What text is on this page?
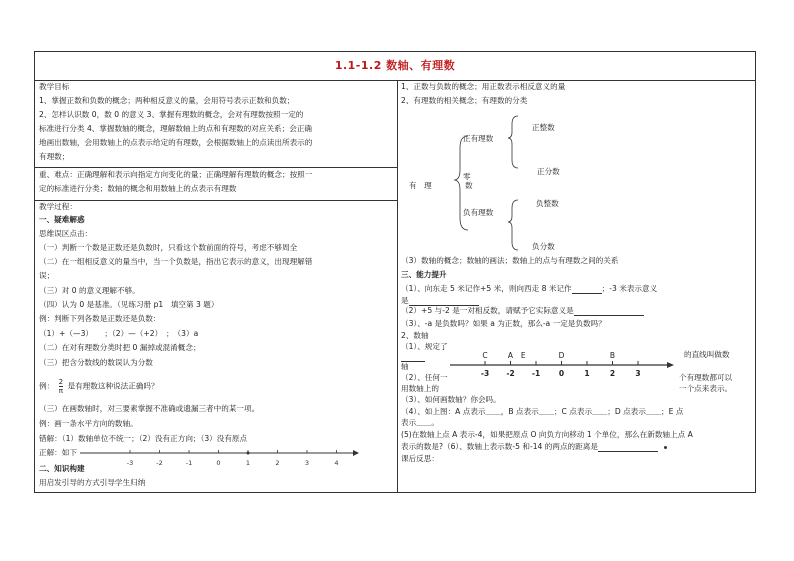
1.1-1.2 数轴、有理数
教学目标
1、掌握正数和负数的概念；两种相反意义的量，会用符号表示正数和负数；
2、怎样认识数 0，数 0 的意义 3、掌握有理数的概念，会对有理数按照一定的
标准进行分类 4、掌握数轴的概念，理解数轴上的点和有理数的对应关系；会正确
地画出数轴，会用数轴上的点表示给定的有理数，会根据数轴上的点读出所表示的
有理数；
重、难点：正确理解和表示向指定方向变化的量；正确理解有理数的概念；按照一
定的标准进行分类；数轴的概念和用数轴上的点表示有理数
教学过程：
一、疑难解惑
思维误区点击：
（一）判断一个数是正数还是负数时，只看这个数前面的符号，考虑不够周全
（二）在一组相反意义的量当中，当一个负数是，指出它表示的意义，出现理解错
误；
（三）对 0 的意义理解不够。
（四）认为 0 是基准。（见练习册 p1　填空第 3 题）
例：判断下列各数是正数还是负数：
（1）+（—3）　　；（2）—（+2）　；　（3）a
（二）在对有理数分类时把 0 漏掉或混淆概念；
（三）把含分数线的数误认为分数
例： $\frac{2}{\pi}$ 是有理数这种说法正确吗？
（三）在画数轴时，对三要素掌握不准确或遗漏三者中的某一项。
例：画一条水平方向的数轴。
错解：（1）数轴单位不统一；（2）没有正方向；（3）没有原点
正解：如下
-3	-2	-1	0	1	2	3	4
二、知识构建
用启发引导的方式引导学生归纳
1、正数与负数的概念；用正数表示相反意义的量
2、有理数的相关概念；有理数的分类
有　理
正有理数
正整数
正分数
零
数
负有理数
负整数
负分数
（3）数轴的概念；数轴的画法；数轴上的点与有理数之间的关系
三、能力提升
（1）、向东走 5 米记作+5 米，则向西走 8 米记作	；-3 米表示意义
是
（2）+5 与-2 是一对相反数，请赋予它实际意义是
（3）、-a 是负数吗？如果 a 为正数，那么-a 一定是负数吗？
2、数轴
（1）、规定了
的直线叫做数
轴
-3 -2 -1 0	1	2	3
C	A E	D	B
（2）、任何一	个有理数都可以
用数轴上的	一个点来表示。
（3）、如何画数轴？你会吗。
（4）、如上图：A 点表示＿＿，B 点表示＿＿；C 点表示＿＿；D 点表示＿＿；E 点
表示＿＿。
(5)在数轴上点 A 表示-4，如果把原点 O 向负方向移动 1 个单位，那么在新数轴上点 A
表示的数是?（6）、数轴上表示数-5 和-14 的两点的距离是
课后反思：
